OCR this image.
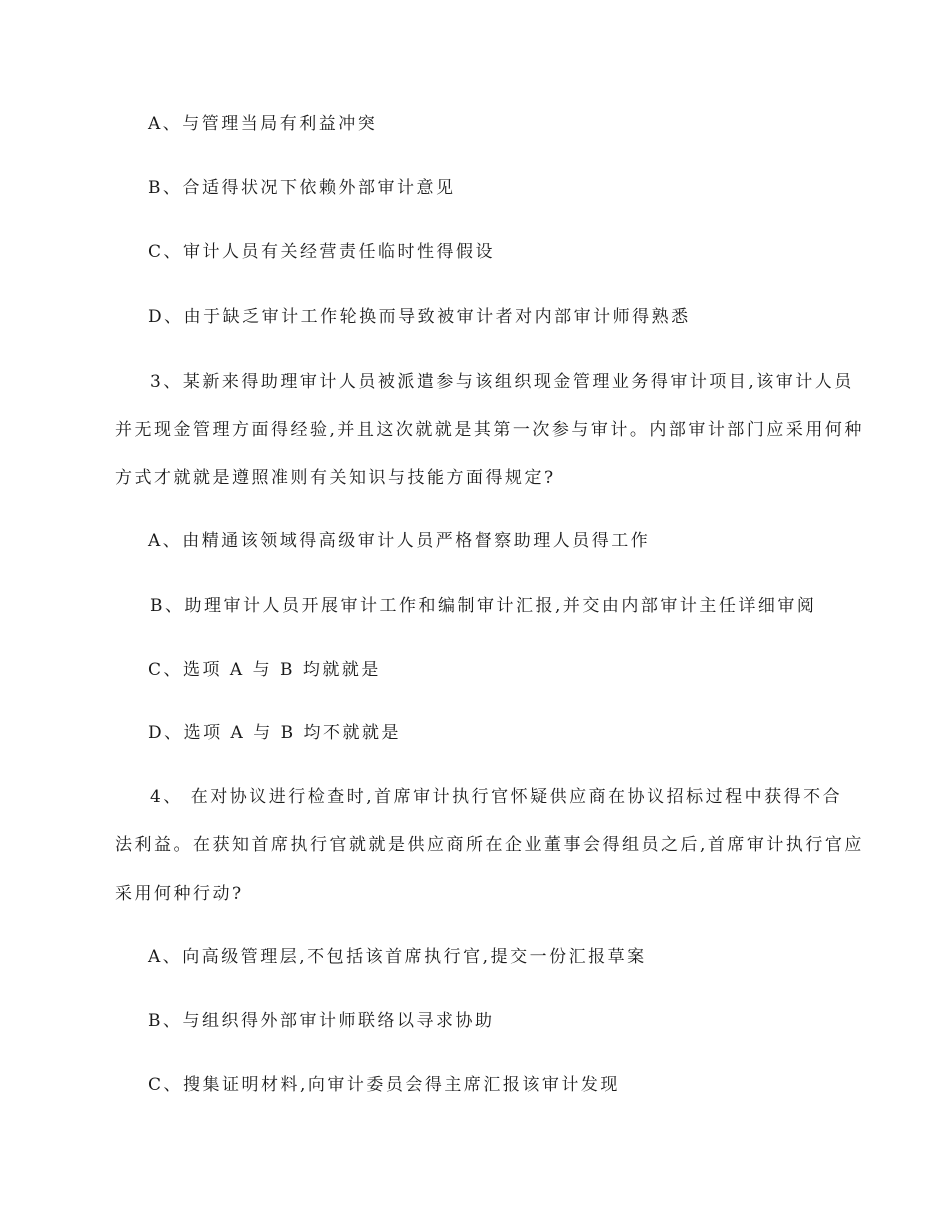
A、与管理当局有利益冲突
B、合适得状况下依赖外部审计意见
C、审计人员有关经营责任临时性得假设
D、由于缺乏审计工作轮换而导致被审计者对内部审计师得熟悉
3、某新来得助理审计人员被派遣参与该组织现金管理业务得审计项目,该审计人员
并无现金管理方面得经验,并且这次就就是其第一次参与审计。内部审计部门应采用何种
方式才就就是遵照准则有关知识与技能方面得规定?
A、由精通该领域得高级审计人员严格督察助理人员得工作
B、助理审计人员开展审计工作和编制审计汇报,并交由内部审计主任详细审阅
C、选项 A 与 B 均就就是
D、选项 A 与 B 均不就就是
4、 在对协议进行检查时,首席审计执行官怀疑供应商在协议招标过程中获得不合
法利益。在获知首席执行官就就是供应商所在企业董事会得组员之后,首席审计执行官应
采用何种行动?
A、向高级管理层,不包括该首席执行官,提交一份汇报草案
B、与组织得外部审计师联络以寻求协助
C、搜集证明材料,向审计委员会得主席汇报该审计发现
